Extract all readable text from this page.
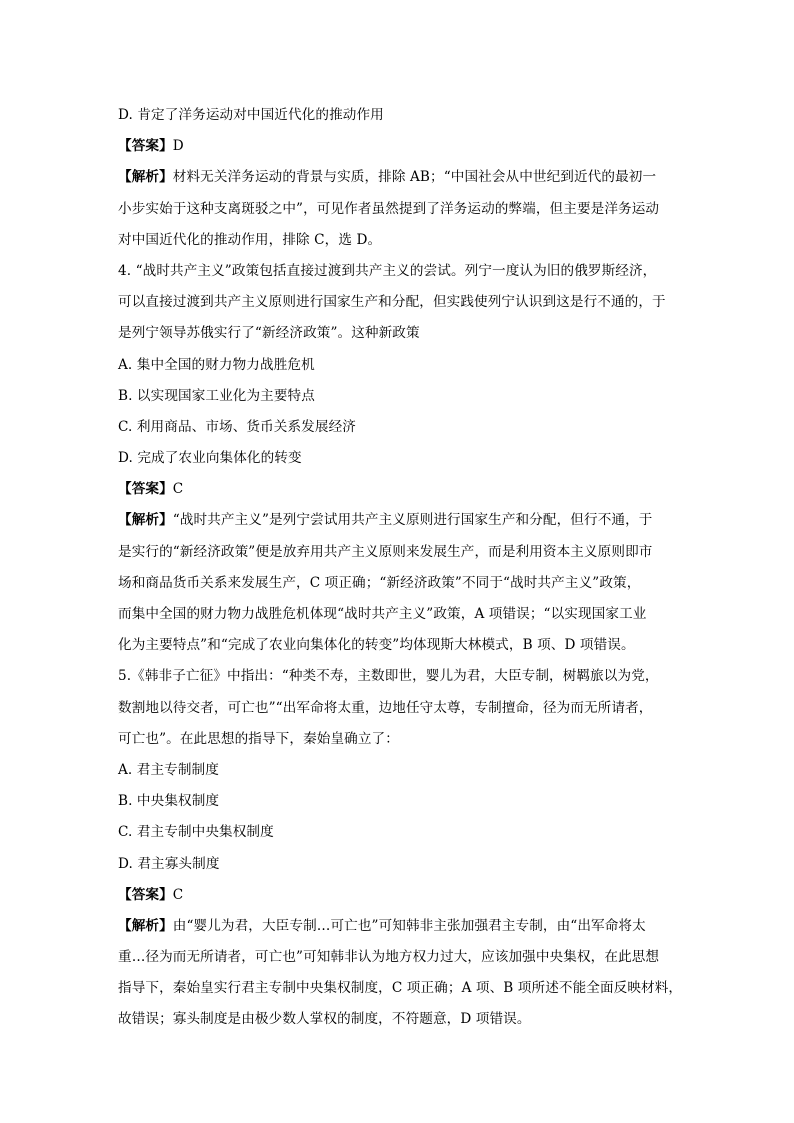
D. 肯定了洋务运动对中国近代化的推动作用
【答案】D
【解析】材料无关洋务运动的背景与实质，排除 AB；“中国社会从中世纪到近代的最初一
小步实始于这种支离斑驳之中”，可见作者虽然提到了洋务运动的弊端，但主要是洋务运动
对中国近代化的推动作用，排除 C，选 D。
4. “战时共产主义”政策包括直接过渡到共产主义的尝试。列宁一度认为旧的俄罗斯经济，
可以直接过渡到共产主义原则进行国家生产和分配，但实践使列宁认识到这是行不通的，于
是列宁领导苏俄实行了“新经济政策”。这种新政策
A. 集中全国的财力物力战胜危机
B. 以实现国家工业化为主要特点
C. 利用商品、市场、货币关系发展经济
D. 完成了农业向集体化的转变
【答案】C
【解析】“战时共产主义”是列宁尝试用共产主义原则进行国家生产和分配，但行不通，于
是实行的“新经济政策”便是放弃用共产主义原则来发展生产，而是利用资本主义原则即市
场和商品货币关系来发展生产，C 项正确；“新经济政策”不同于“战时共产主义”政策，
而集中全国的财力物力战胜危机体现“战时共产主义”政策，A 项错误；“以实现国家工业
化为主要特点”和“完成了农业向集体化的转变”均体现斯大林模式，B 项、D 项错误。
5.《韩非子亡征》中指出：“种类不寿，主数即世，婴儿为君，大臣专制，树羁旅以为党，
数割地以待交者，可亡也”“出军命将太重，边地任守太尊，专制擅命，径为而无所请者，
可亡也”。在此思想的指导下，秦始皇确立了：
A. 君主专制制度
B. 中央集权制度
C. 君主专制中央集权制度
D. 君主寡头制度
【答案】C
【解析】由“婴儿为君，大臣专制…可亡也”可知韩非主张加强君主专制，由“出军命将太
重…径为而无所请者，可亡也”可知韩非认为地方权力过大，应该加强中央集权，在此思想
指导下，秦始皇实行君主专制中央集权制度，C 项正确；A 项、B 项所述不能全面反映材料，
故错误；寡头制度是由极少数人掌权的制度，不符题意，D 项错误。
